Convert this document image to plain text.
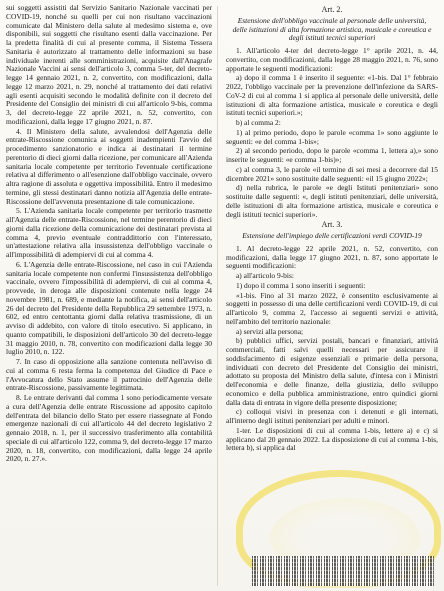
sui soggetti assistiti dal Servizio Sanitario Nazionale vaccinati per COVID-19, nonché su quelli per cui non risultano vaccinazioni comunicate dal Ministero della salute al medesimo sistema e, ove disponibili, sui soggetti che risultano esenti dalla vaccinazione. Per la predetta finalità di cui al presente comma, il Sistema Tessera Sanitaria è autorizzato al trattamento delle informazioni su base individuale inerenti alle somministrazioni, acquisite dall'Anagrafe Nazionale Vaccini ai sensi dell'articolo 3, comma 5-ter, del decreto-legge 14 gennaio 2021, n. 2, convertito, con modificazioni, dalla legge 12 marzo 2021, n. 29, nonché al trattamento dei dati relativi agli esenti acquisiti secondo le modalità definite con il decreto del Presidente del Consiglio dei ministri di cui all'articolo 9-bis, comma 3, del decreto-legge 22 aprile 2021, n. 52, convertito, con modificazioni, dalla legge 17 giugno 2021, n. 87.

4. Il Ministero della salute, avvalendosi dell'Agenzia delle entrate-Riscossione comunica ai soggetti inadempienti l'avvio del procedimento sanzionatorio e indica ai destinatari il termine perentorio di dieci giorni dalla ricezione, per comunicare all'Azienda sanitaria locale competente per territorio l'eventuale certificazione relativa al differimento o all'esenzione dall'obbligo vaccinale, ovvero altra ragione di assoluta e oggettiva impossibilità. Entro il medesimo termine, gli stessi destinatari danno notizia all'Agenzia delle entrate-Riscossione dell'avvenuta presentazione di tale comunicazione.

5. L'Azienda sanitaria locale competente per territorio trasmette all'Agenzia delle entrate-Riscossione, nel termine perentorio di dieci giorni dalla ricezione della comunicazione dei destinatari prevista al comma 4, previo eventuale contraddittorio con l'interessato, un'attestazione relativa alla insussistenza dell'obbligo vaccinale o all'impossibilità di adempiervi di cui al comma 4.

6. L'Agenzia delle entrate-Riscossione, nel caso in cui l'Azienda sanitaria locale competente non confermi l'insussistenza dell'obbligo vaccinale, ovvero l'impossibilità di adempiervi, di cui al comma 4, provvede, in deroga alle disposizioni contenute nella legge 24 novembre 1981, n. 689, e mediante la notifica, ai sensi dell'articolo 26 del decreto del Presidente della Repubblica 29 settembre 1973, n. 602, ed entro centottanta giorni dalla relativa trasmissione, di un avviso di addebito, con valore di titolo esecutivo. Si applicano, in quanto compatibili, le disposizioni dell'articolo 30 del decreto-legge 31 maggio 2010, n. 78, convertito con modificazioni dalla legge 30 luglio 2010, n. 122.

7. In caso di opposizione alla sanzione contenuta nell'avviso di cui al comma 6 resta ferma la competenza del Giudice di Pace e l'Avvocatura dello Stato assume il patrocinio dell'Agenzia delle entrate-Riscossione, passivamente legittimata.

8. Le entrate derivanti dal comma 1 sono periodicamente versate a cura dell'Agenzia delle entrate Riscossione ad apposito capitolo dell'entrata del bilancio dello Stato per essere riassegnate al Fondo emergenze nazionali di cui all'articolo 44 del decreto legislativo 2 gennaio 2018, n. 1, per il successivo trasferimento alla contabilità speciale di cui all'articolo 122, comma 9, del decreto-legge 17 marzo 2020, n. 18, convertito, con modificazioni, dalla legge 24 aprile 2020, n. 27.».

Art. 2.

Estensione dell'obbligo vaccinale al personale delle università, delle istituzioni di alta formazione artistica, musicale e coreutica e degli istituti tecnici superiori

1. All'articolo 4-ter del decreto-legge 1° aprile 2021, n. 44, convertito, con modificazioni, dalla legge 28 maggio 2021, n. 76, sono apportate le seguenti modificazioni:

a) dopo il comma 1 è inserito il seguente: «1-bis. Dal 1° febbraio 2022, l'obbligo vaccinale per la prevenzione dell'infezione da SARS-CoV-2 di cui al comma 1 si applica al personale delle università, delle istituzioni di alta formazione artistica, musicale e coreutica e degli istituti tecnici superiori.»;

b) al comma 2:

1) al primo periodo, dopo le parole «comma 1» sono aggiunte le seguenti: «e del comma 1-bis»;

2) al secondo periodo, dopo le parole «comma 1, lettera a),» sono inserite le seguenti: «e comma 1-bis)»;

c) al comma 3, le parole «il termine di sei mesi a decorrere dal 15 dicembre 2021» sono sostituite dalle seguenti: «il 15 giugno 2022»;

d) nella rubrica, le parole «e degli Istituti penitenziari» sono sostituite dalle seguenti: «, degli istituti penitenziari, delle università, delle istituzioni di alta formazione artistica, musicale e coreutica e degli istituti tecnici superiori».

Art. 3.

Estensione dell'impiego delle certificazioni verdi COVID-19

1. Al decreto-legge 22 aprile 2021, n. 52, convertito, con modificazioni, dalla legge 17 giugno 2021, n. 87, sono apportate le seguenti modificazioni:

a) all'articolo 9-bis:

1) dopo il comma 1 sono inseriti i seguenti:

«1-bis. Fino al 31 marzo 2022, è consentito esclusivamente ai soggetti in possesso di una delle certificazioni verdi COVID-19, di cui all'articolo 9, comma 2, l'accesso ai seguenti servizi e attività, nell'ambito del territorio nazionale:

a) servizi alla persona;

b) pubblici uffici, servizi postali, bancari e finanziari, attività commerciali, fatti salvi quelli necessari per assicurare il soddisfacimento di esigenze essenziali e primarie della persona, individuati con decreto del Presidente del Consiglio dei ministri, adottato su proposta del Ministro della salute, d'intesa con i Ministri dell'economia e delle finanze, della giustizia, dello sviluppo economico e della pubblica amministrazione, entro quindici giorni dalla data di entrata in vigore della presente disposizione;

c) colloqui visivi in presenza con i detenuti e gli internati, all'interno degli istituti penitenziari per adulti e minori.

1-ter. Le disposizioni di cui al comma 1-bis, lettere a) e c) si applicano dal 20 gennaio 2022. La disposizione di cui al comma 1-bis, lettera b), si applica dal
